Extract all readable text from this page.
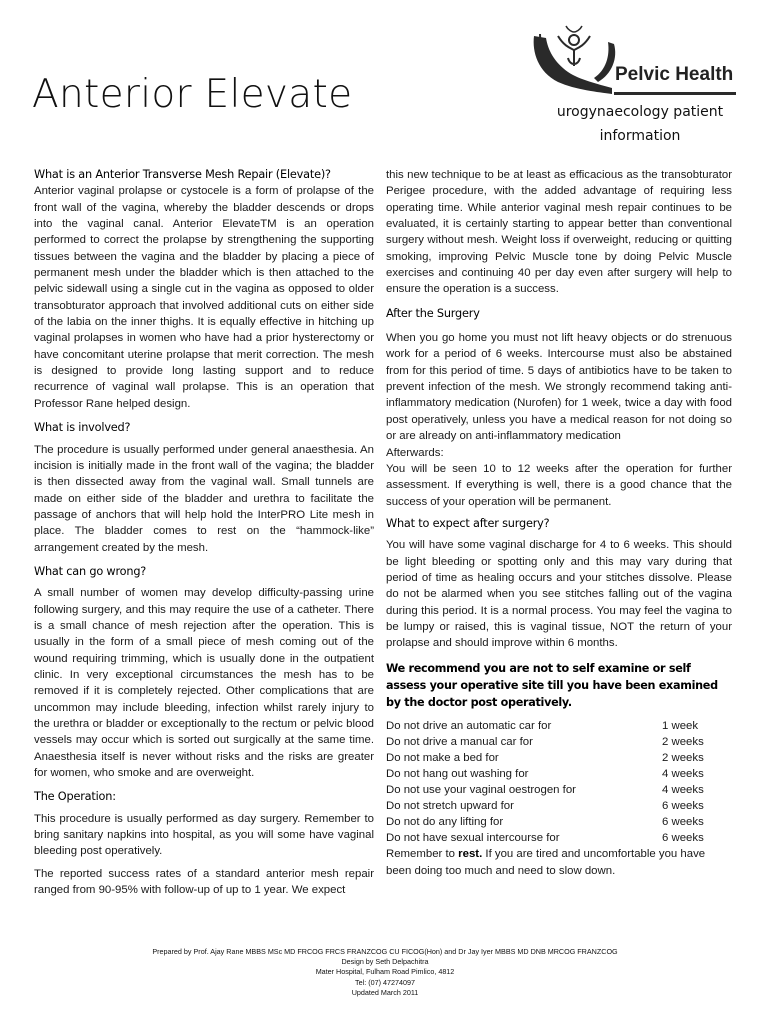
Anterior Elevate	Pelvic Health
urogynaecology patient
information
What is an Anterior Transverse Mesh Repair (Elevate)?

Anterior vaginal prolapse or cystocele is a form of prolapse of the front wall of the vagina, whereby the bladder descends or drops into the vaginal canal. Anterior ElevateTM is an operation performed to correct the prolapse by strengthening the supporting tissues between the vagina and the bladder by placing a piece of permanent mesh under the bladder which is then attached to the pelvic sidewall using a single cut in the vagina as opposed to older transobturator approach that involved additional cuts on either side of the labia on the inner thighs. It is equally effective in hitching up vaginal prolapses in women who have had a prior hysterectomy or have concomitant uterine prolapse that merit correction. The mesh is designed to provide long lasting support and to reduce recurrence of vaginal wall prolapse. This is an operation that Professor Rane helped design.

What is involved?

The procedure is usually performed under general anaesthesia. An incision is initially made in the front wall of the vagina; the bladder is then dissected away from the vaginal wall. Small tunnels are made on either side of the bladder and urethra to facilitate the passage of anchors that will help hold the InterPRO Lite mesh in place. The bladder comes to rest on the “hammock-like” arrangement created by the mesh.

What can go wrong?

A small number of women may develop difficulty-passing urine following surgery, and this may require the use of a catheter. There is a small chance of mesh rejection after the operation. This is usually in the form of a small piece of mesh coming out of the wound requiring trimming, which is usually done in the outpatient clinic. In very exceptional circumstances the mesh has to be removed if it is completely rejected. Other complications that are uncommon may include bleeding, infection whilst rarely injury to the urethra or bladder or exceptionally to the rectum or pelvic blood vessels may occur which is sorted out surgically at the same time. Anaesthesia itself is never without risks and the risks are greater for women, who smoke and are overweight.

The Operation:

This procedure is usually performed as day surgery. Remember to bring sanitary napkins into hospital, as you will some have vaginal bleeding post operatively.

The reported success rates of a standard anterior mesh repair ranged from 90-95% with follow-up of up to 1 year. We expect

this new technique to be at least as efficacious as the transobturator Perigee procedure, with the added advantage of requiring less operating time. While anterior vaginal mesh repair continues to be evaluated, it is certainly starting to appear better than conventional surgery without mesh. Weight loss if overweight, reducing or quitting smoking, improving Pelvic Muscle tone by doing Pelvic Muscle exercises and continuing 40 per day even after surgery will help to ensure the operation is a success.

After the Surgery

When you go home you must not lift heavy objects or do strenuous work for a period of 6 weeks. Intercourse must also be abstained from for this period of time. 5 days of antibiotics have to be taken to prevent infection of the mesh. We strongly recommend taking anti-inflammatory medication (Nurofen) for 1 week, twice a day with food post operatively, unless you have a medical reason for not doing so or are already on anti-inflammatory medication

Afterwards:

You will be seen 10 to 12 weeks after the operation for further assessment. If everything is well, there is a good chance that the success of your operation will be permanent.

What to expect after surgery?

You will have some vaginal discharge for 4 to 6 weeks. This should be light bleeding or spotting only and this may vary during that period of time as healing occurs and your stitches dissolve. Please do not be alarmed when you see stitches falling out of the vagina during this period. It is a normal process. You may feel the vagina to be lumpy or raised, this is vaginal tissue, NOT the return of your prolapse and should improve within 6 months.

We recommend you are not to self examine or self assess your operative site till you have been examined by the doctor post operatively.
Do not drive an automatic car for	1 week
Do not drive a manual car for	2 weeks
Do not make a bed for	2 weeks
Do not hang out washing for	4 weeks
Do not use your vaginal oestrogen for	4 weeks
Do not stretch upward for	6 weeks
Do not do any lifting for	6 weeks
Do not have sexual intercourse for	6 weeks

Remember to rest. If you are tired and uncomfortable you have been doing too much and need to slow down.

Prepared by Prof. Ajay Rane MBBS MSc MD FRCOG FRCS FRANZCOG CU FICOG(Hon) and Dr Jay Iyer MBBS MD DNB MRCOG FRANZCOG
Design by Seth Delpachitra
Mater Hospital, Fulham Road Pimlico, 4812
Tel: (07) 47274097
Updated March 2011
